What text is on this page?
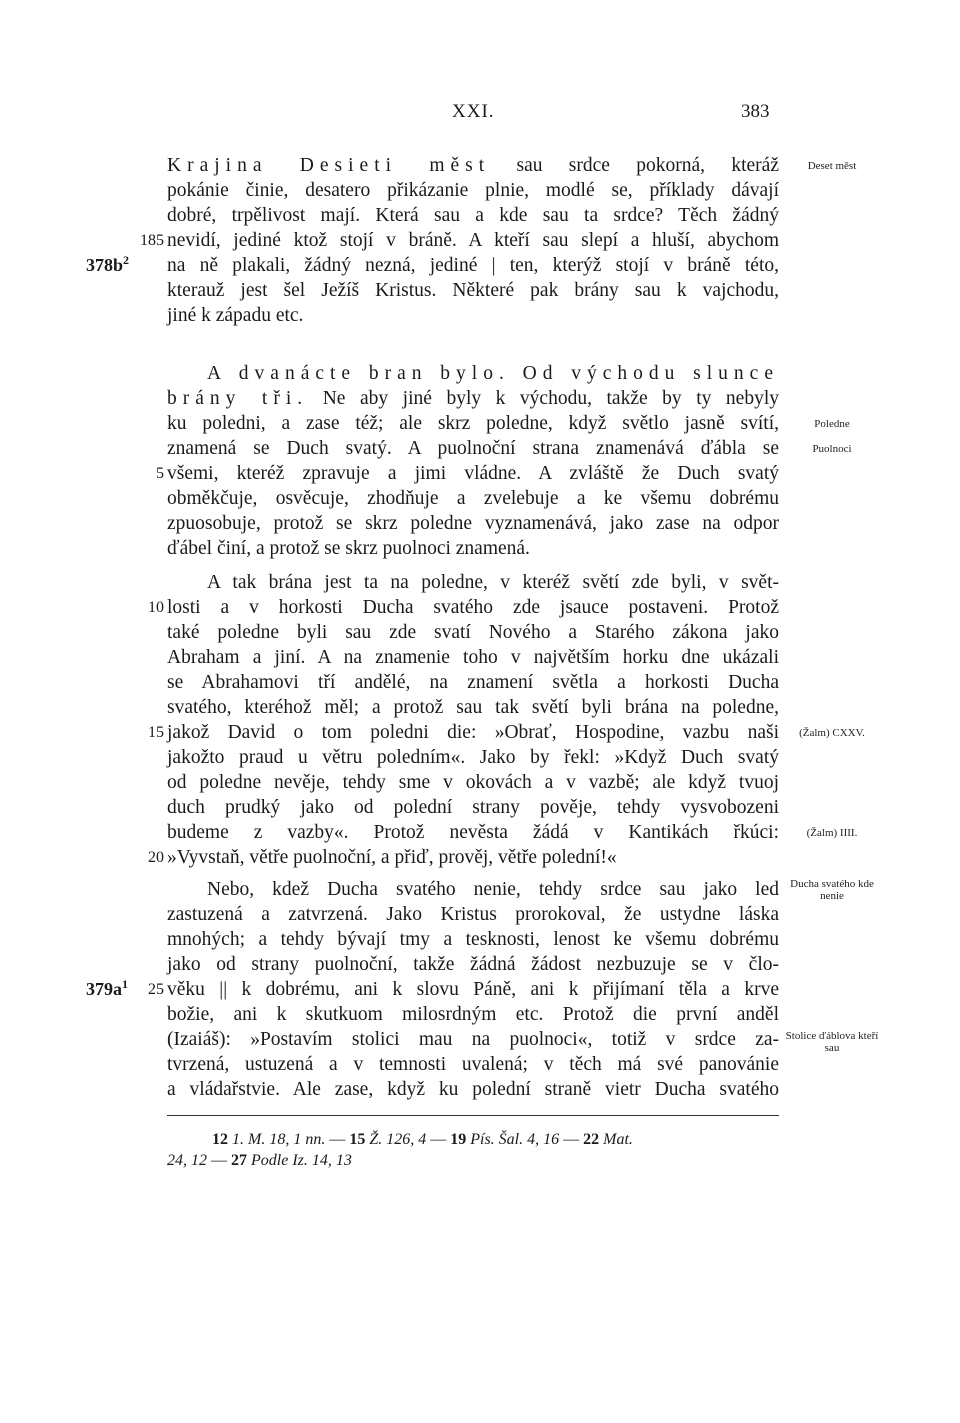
XXI.	383
Krajina Desieti měst sau srdce pokorná, kteráž
pokánie činie, desatero přikázanie plnie, modlé se, příklady dávají
dobré, trpělivost mají. Která sau a kde sau ta srdce? Těch žádný
nevidí, jediné ktož stojí v bráně. A kteří sau slepí a hluší, abychom
na ně plakali, žádný nezná, jediné | ten, kterýž stojí v bráně této,
kterauž jest šel Ježíš Kristus. Některé pak brány sau k vajchodu,
jiné k západu etc.
A dvanácte bran bylo. Od východu slunce
brány tři. Ne aby jiné byly k východu, takže by ty nebyly
ku poledni, a zase též; ale skrz poledne, když světlo jasně svítí,
znamená se Duch svatý. A puolnoční strana znamenává ďábla se
všemi, kteréž zpravuje a jimi vládne. A zvláště že Duch svatý
obměkčuje, osvěcuje, zhodňuje a zvelebuje a ke všemu dobrému
zpuosobuje, protož se skrz poledne vyznamenává, jako zase na odpor
ďábel činí, a protož se skrz puolnoci znamená.
A tak brána jest ta na poledne, v kteréž světí zde byli, v svět-
losti a v horkosti Ducha svatého zde jsauce postaveni. Protož
také poledne byli sau zde svatí Nového a Starého zákona jako
Abraham a jiní. A na znamenie toho v najvětším horku dne ukázali
se Abrahamovi tří andělé, na znamení světla a horkosti Ducha
svatého, kteréhož měl; a protož sau tak světí byli brána na poledne,
jakož David o tom poledni die: »Obrať, Hospodine, vazbu naši
jakožto praud u větru poledním«. Jako by řekl: »Když Duch svatý
od poledne nevěje, tehdy sme v okovách a v vazbě; ale když tvuoj
duch prudký jako od polední strany pověje, tehdy vysvobozeni
budeme z vazby«. Protož nevěsta žádá v Kantikách řkúci:
»Vyvstaň, větře puolnoční, a přiď, prověj, větře polední!«
Nebo, kdež Ducha svatého nenie, tehdy srdce sau jako led
zastuzená a zatvrzená. Jako Kristus prorokoval, že ustydne láska
mnohých; a tehdy bývají tmy a tesknosti, lenost ke všemu dobrému
jako od strany puolnoční, takže žádná žádost nezbuzuje se v člo-
věku || k dobrému, ani k slovu Páně, ani k přijímaní těla a krve
božie, ani k skutkuom milosrdným etc. Protož die první anděl
(Izaiáš): »Postavím stolici mau na puolnoci«, totiž v srdce za-
tvrzená, ustuzená a v temnosti uvalená; v těch má své panovánie
a vládařstvie. Ale zase, když ku polední straně vietr Ducha svatého
185
5
10
15
20
25
$378b^2$
$379a^1$
Deset měst
Poledne
Puolnoci
(Žalm) CXXV.
(Žalm) IIII.
Ducha svatého kde nenie
Stolice ďáblova kteří sau
12 1. M. 18, 1 nn. — 15 Ž. 126, 4 — 19 Pís. Šal. 4, 16 — 22 Mat.
24, 12 — 27 Podle Iz. 14, 13
